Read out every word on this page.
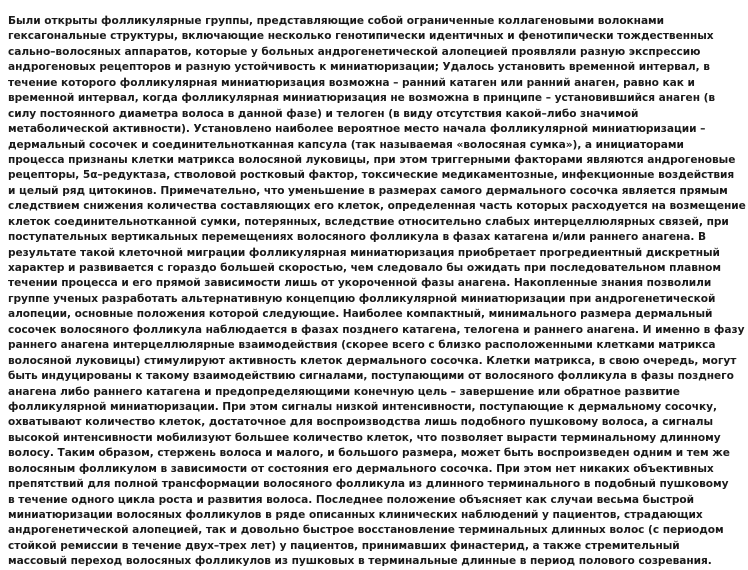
Были открыты фолликулярные группы, представляющие собой ограниченные коллагеновыми волокнами
гексагональные структуры, включающие несколько генотипически идентичных и фенотипически тождественных
сально–волосяных аппаратов, которые у больных андрогенетической алопецией проявляли разную экспрессию
андрогеновых рецепторов и разную устойчивость к миниатюризации; Удалось установить временной интервал, в
течение которого фолликулярная миниатюризация возможна – ранний катаген или ранний анаген, равно как и
временной интервал, когда фолликулярная миниатюризация не возможна в принципе – установившийся анаген (в
силу постоянного диаметра волоса в данной фазе) и телоген (в виду отсутствия какой–либо значимой
метаболической активности). Установлено наиболее вероятное место начала фолликулярной миниатюризации –
дермальный сосочек и соединительнотканная капсула (так называемая «волосяная сумка»), а инициаторами
процесса признаны клетки матрикса волосяной луковицы, при этом триггерными факторами являются андрогеновые
рецепторы, 5α–редуктаза, стволовой ростковый фактор, токсические медикаментозные, инфекционные воздействия
и целый ряд цитокинов. Примечательно, что уменьшение в размерах самого дермального сосочка является прямым
следствием снижения количества составляющих его клеток, определенная часть которых расходуется на возмещение
клеток соединительнотканной сумки, потерянных, вследствие относительно слабых интерцеллюлярных связей, при
поступательных вертикальных перемещениях волосяного фолликула в фазах катагена и/или раннего анагена. В
результате такой клеточной миграции фолликулярная миниатюризация приобретает прогредиентный дискретный
характер и развивается с гораздо большей скоростью, чем следовало бы ожидать при последовательном плавном
течении процесса и его прямой зависимости лишь от укороченной фазы анагена. Накопленные знания позволили
группе ученых разработать альтернативную концепцию фолликулярной миниатюризации при андрогенетической
алопеции, основные положения которой следующие. Наиболее компактный, минимального размера дермальный
сосочек волосяного фолликула наблюдается в фазах позднего катагена, телогена и раннего анагена. И именно в фазу
раннего анагена интерцеллюлярные взаимодействия (скорее всего с близко расположенными клетками матрикса
волосяной луковицы) стимулируют активность клеток дермального сосочка. Клетки матрикса, в свою очередь, могут
быть индуцированы к такому взаимодействию сигналами, поступающими от волосяного фолликула в фазы позднего
анагена либо раннего катагена и предопределяющими конечную цель – завершение или обратное развитие
фолликулярной миниатюризации. При этом сигналы низкой интенсивности, поступающие к дермальному сосочку,
охватывают количество клеток, достаточное для воспроизводства лишь подобного пушковому волоса, а сигналы
высокой интенсивности мобилизуют большее количество клеток, что позволяет вырасти терминальному длинному
волосу. Таким образом, стержень волоса и малого, и большого размера, может быть воспроизведен одним и тем же
волосяным фолликулом в зависимости от состояния его дермального сосочка. При этом нет никаких объективных
препятствий для полной трансформации волосяного фолликула из длинного терминального в подобный пушковому
в течение одного цикла роста и развития волоса. Последнее положение объясняет как случаи весьма быстрой
миниатюризации волосяных фолликулов в ряде описанных клинических наблюдений у пациентов, страдающих
андрогенетической алопецией, так и довольно быстрое восстановление терминальных длинных волос (с периодом
стойкой ремиссии в течение двух–трех лет) у пациентов, принимавших финастерид, а также стремительный
массовый переход волосяных фолликулов из пушковых в терминальные длинные в период полового созревания.
